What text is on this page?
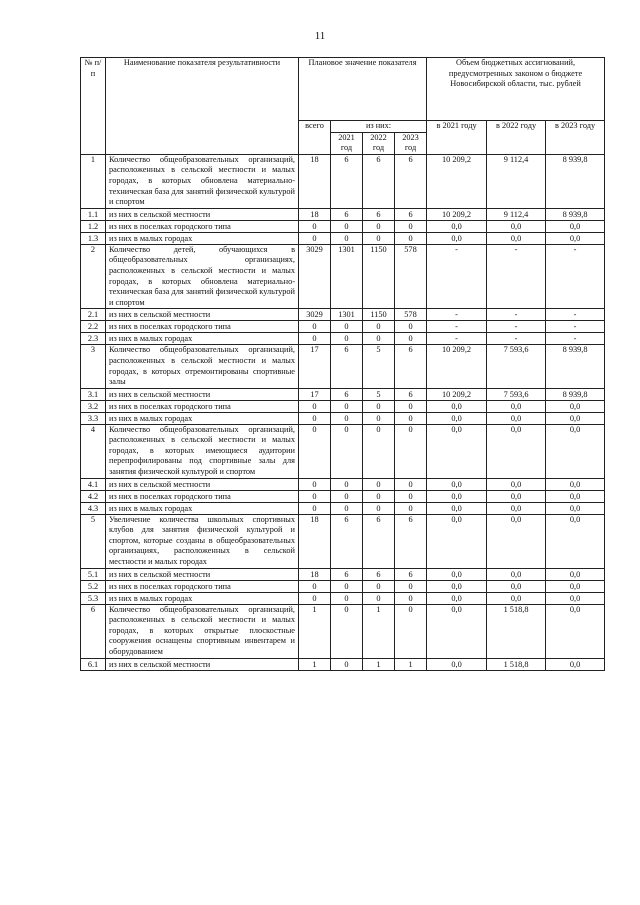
11
№ п/п	Наименование показателя результативности	Плановое значение показателя				Объем бюджетных ассигнований, предусмотренных законом о бюджете Новосибирской области, тыс. рублей		
		всего	из них:			в 2021 году	в 2022 году	в 2023 году
			2021 год	2022 год	2023 год			
1	Количество общеобразовательных организаций, расположенных в сельской местности и малых городах, в которых обновлена материально-техническая база для занятий физической культурой и спортом	18	6	6	6	10 209,2	9 112,4	8 939,8
1.1	из них в сельской местности	18	6	6	6	10 209,2	9 112,4	8 939,8
1.2	из них в поселках городского типа	0	0	0	0	0,0	0,0	0,0
1.3	из них в малых городах	0	0	0	0	0,0	0,0	0,0
2	Количество детей, обучающихся в общеобразовательных организациях, расположенных в сельской местности и малых городах, в которых обновлена материально-техническая база для занятий физической культурой и спортом	3029	1301	1150	578	-	-	-
2.1	из них в сельской местности	3029	1301	1150	578	-	-	-
2.2	из них в поселках городского типа	0	0	0	0	-	-	-
2.3	из них в малых городах	0	0	0	0	-	-	-
3	Количество общеобразовательных организаций, расположенных в сельской местности и малых городах, в которых отремонтированы спортивные залы	17	6	5	6	10 209,2	7 593,6	8 939,8
3.1	из них в сельской местности	17	6	5	6	10 209,2	7 593,6	8 939,8
3.2	из них в поселках городского типа	0	0	0	0	0,0	0,0	0,0
3.3	из них в малых городах	0	0	0	0	0,0	0,0	0,0
4	Количество общеобразовательных организаций, расположенных в сельской местности и малых городах, в которых имеющиеся аудитории перепрофилированы под спортивные залы для занятия физической культурой и спортом	0	0	0	0	0,0	0,0	0,0
4.1	из них в сельской местности	0	0	0	0	0,0	0,0	0,0
4.2	из них в поселках городского типа	0	0	0	0	0,0	0,0	0,0
4.3	из них в малых городах	0	0	0	0	0,0	0,0	0,0
5	Увеличение количества школьных спортивных клубов для занятия физической культурой и спортом, которые созданы в общеобразовательных организациях, расположенных в сельской местности и малых городах	18	6	6	6	0,0	0,0	0,0
5.1	из них в сельской местности	18	6	6	6	0,0	0,0	0,0
5.2	из них в поселках городского типа	0	0	0	0	0,0	0,0	0,0
5.3	из них в малых городах	0	0	0	0	0,0	0,0	0,0
6	Количество общеобразовательных организаций, расположенных в сельской местности и малых городах, в которых открытые плоскостные сооружения оснащены спортивным инвентарем и оборудованием	1	0	1	0	0,0	1 518,8	0,0
6.1	из них в сельской местности	1	0	1	1	0,0	1 518,8	0,0
